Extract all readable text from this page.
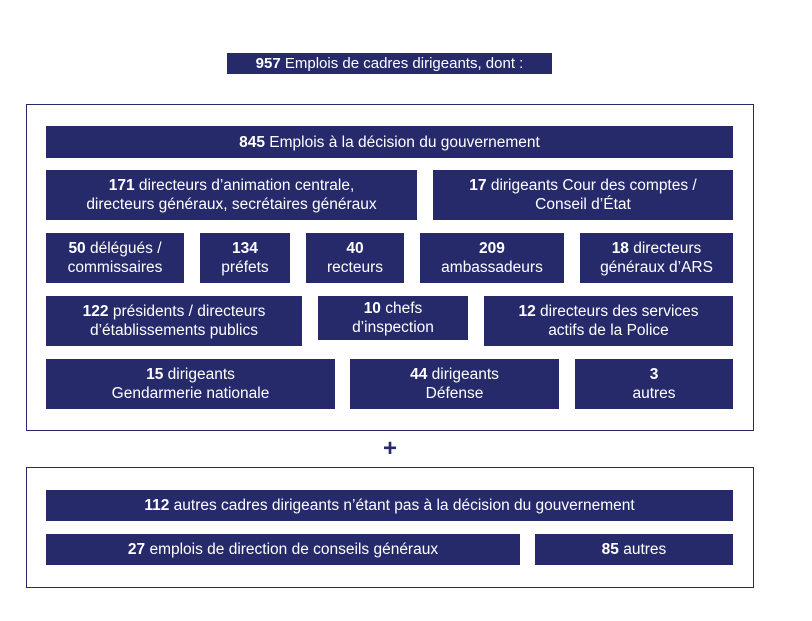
957 Emplois de cadres dirigeants, dont :
845 Emplois à la décision du gouvernement
171 directeurs d’animation centrale,
directeurs généraux, secrétaires généraux
17 dirigeants Cour des comptes /
Conseil d’État
50 délégués /
commissaires
134
préfets
40
recteurs
209
ambassadeurs
18 directeurs
généraux d’ARS
122 présidents / directeurs
d’établissements publics
10 chefs
d’inspection
12 directeurs des services
actifs de la Police
15 dirigeants
Gendarmerie nationale
44 dirigeants
Défense
3
autres
+
112 autres cadres dirigeants n’étant pas à la décision du gouvernement
27 emplois de direction de conseils généraux	85 autres
